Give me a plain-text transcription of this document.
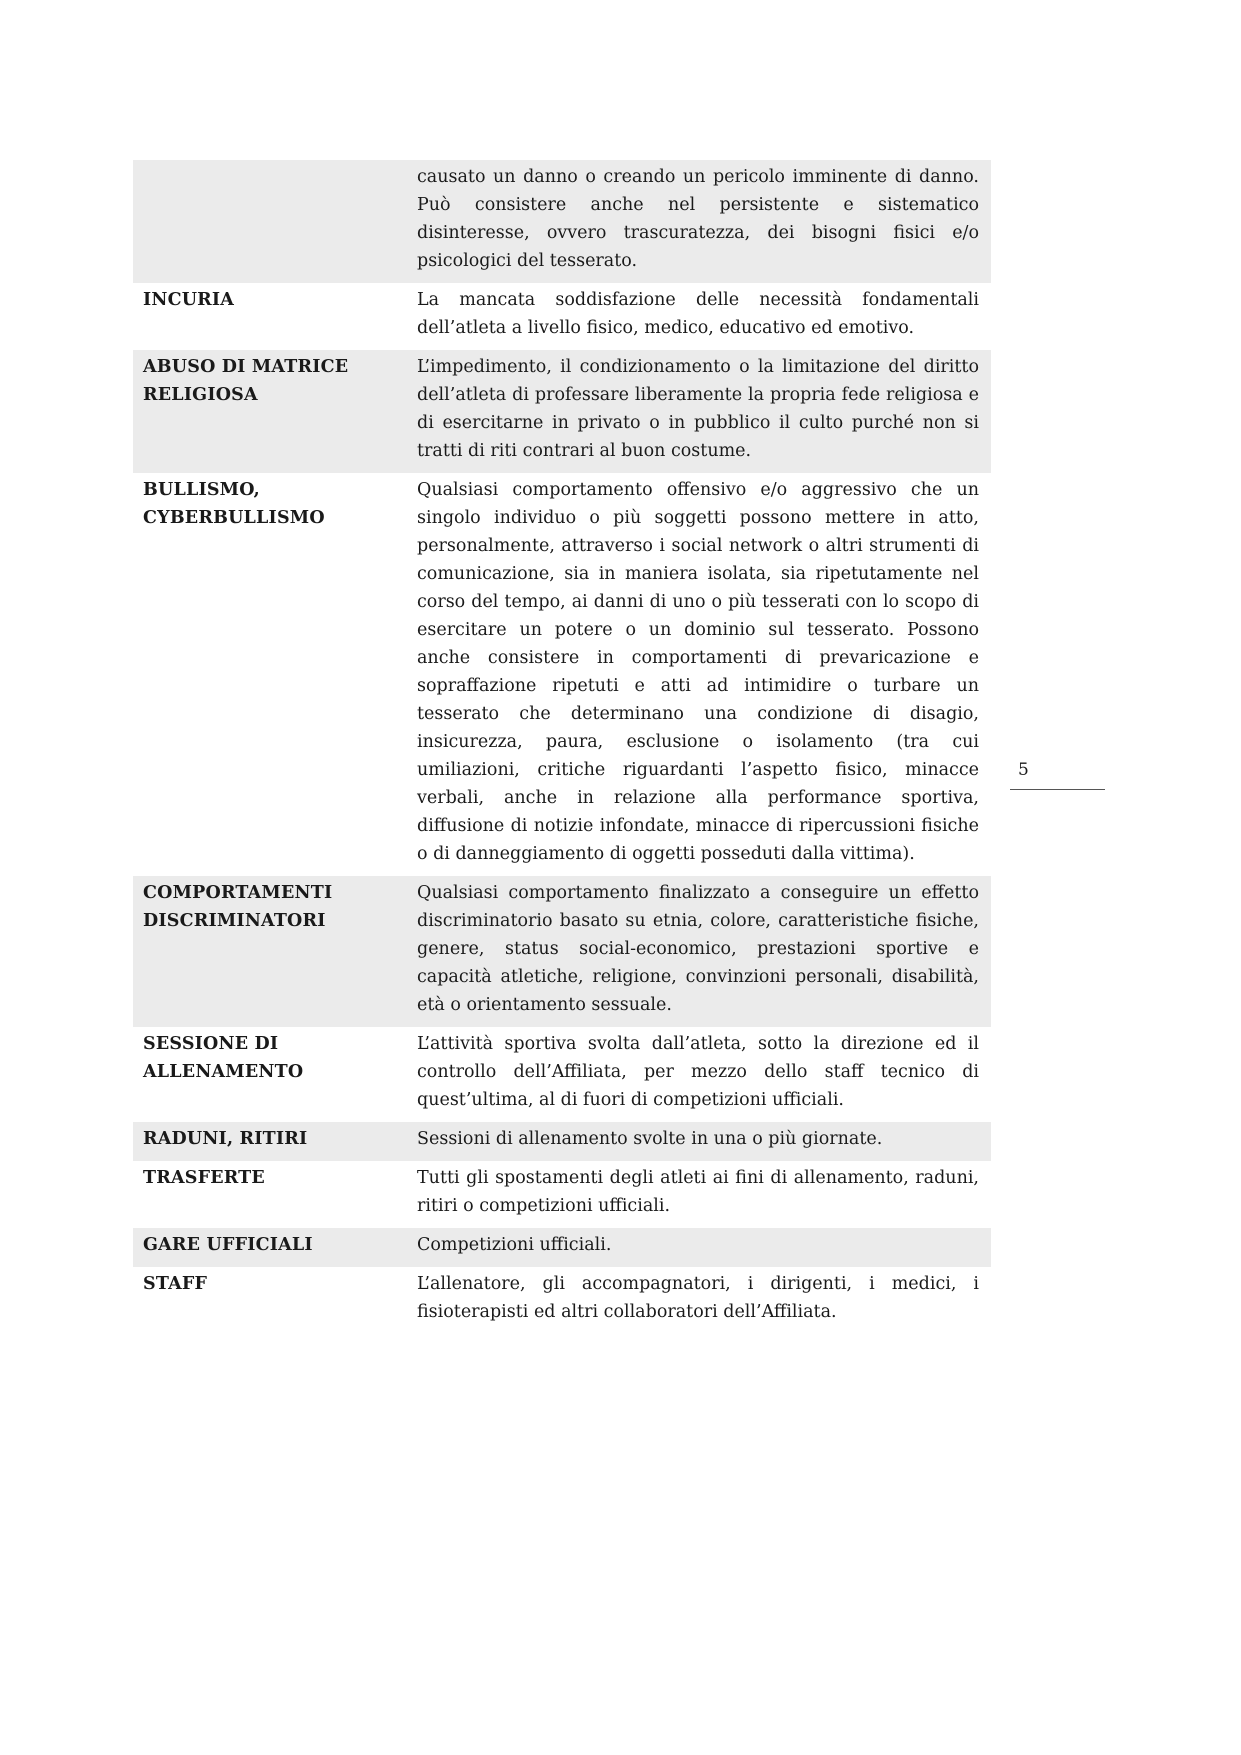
	causato un danno o creando un pericolo imminente di danno. Può consistere anche nel persistente e sistematico disinteresse, ovvero trascuratezza, dei bisogni fisici e/o psicologici del tesserato.
INCURIA	La mancata soddisfazione delle necessità fondamentali dell’atleta a livello fisico, medico, educativo ed emotivo.
ABUSO DI MATRICE RELIGIOSA	L’impedimento, il condizionamento o la limitazione del diritto dell’atleta di professare liberamente la propria fede religiosa e di esercitarne in privato o in pubblico il culto purché non si tratti di riti contrari al buon costume.
BULLISMO, CYBERBULLISMO	Qualsiasi comportamento offensivo e/o aggressivo che un singolo individuo o più soggetti possono mettere in atto, personalmente, attraverso i social network o altri strumenti di comunicazione, sia in maniera isolata, sia ripetutamente nel corso del tempo, ai danni di uno o più tesserati con lo scopo di esercitare un potere o un dominio sul tesserato. Possono anche consistere in comportamenti di prevaricazione e sopraffazione ripetuti e atti ad intimidire o turbare un tesserato che determinano una condizione di disagio, insicurezza, paura, esclusione o isolamento (tra cui umiliazioni, critiche riguardanti l’aspetto fisico, minacce verbali, anche in relazione alla performance sportiva, diffusione di notizie infondate, minacce di ripercussioni fisiche o di danneggiamento di oggetti posseduti dalla vittima).
COMPORTAMENTI DISCRIMINATORI	Qualsiasi comportamento finalizzato a conseguire un effetto discriminatorio basato su etnia, colore, caratteristiche fisiche, genere, status social-economico, prestazioni sportive e capacità atletiche, religione, convinzioni personali, disabilità, età o orientamento sessuale.
SESSIONE DI ALLENAMENTO	L’attività sportiva svolta dall’atleta, sotto la direzione ed il controllo dell’Affiliata, per mezzo dello staff tecnico di quest’ultima, al di fuori di competizioni ufficiali.
RADUNI, RITIRI	Sessioni di allenamento svolte in una o più giornate.
TRASFERTE	Tutti gli spostamenti degli atleti ai fini di allenamento, raduni, ritiri o competizioni ufficiali.
GARE UFFICIALI	Competizioni ufficiali.
STAFF	L’allenatore, gli accompagnatori, i dirigenti, i medici, i fisioterapisti ed altri collaboratori dell’Affiliata.
5
